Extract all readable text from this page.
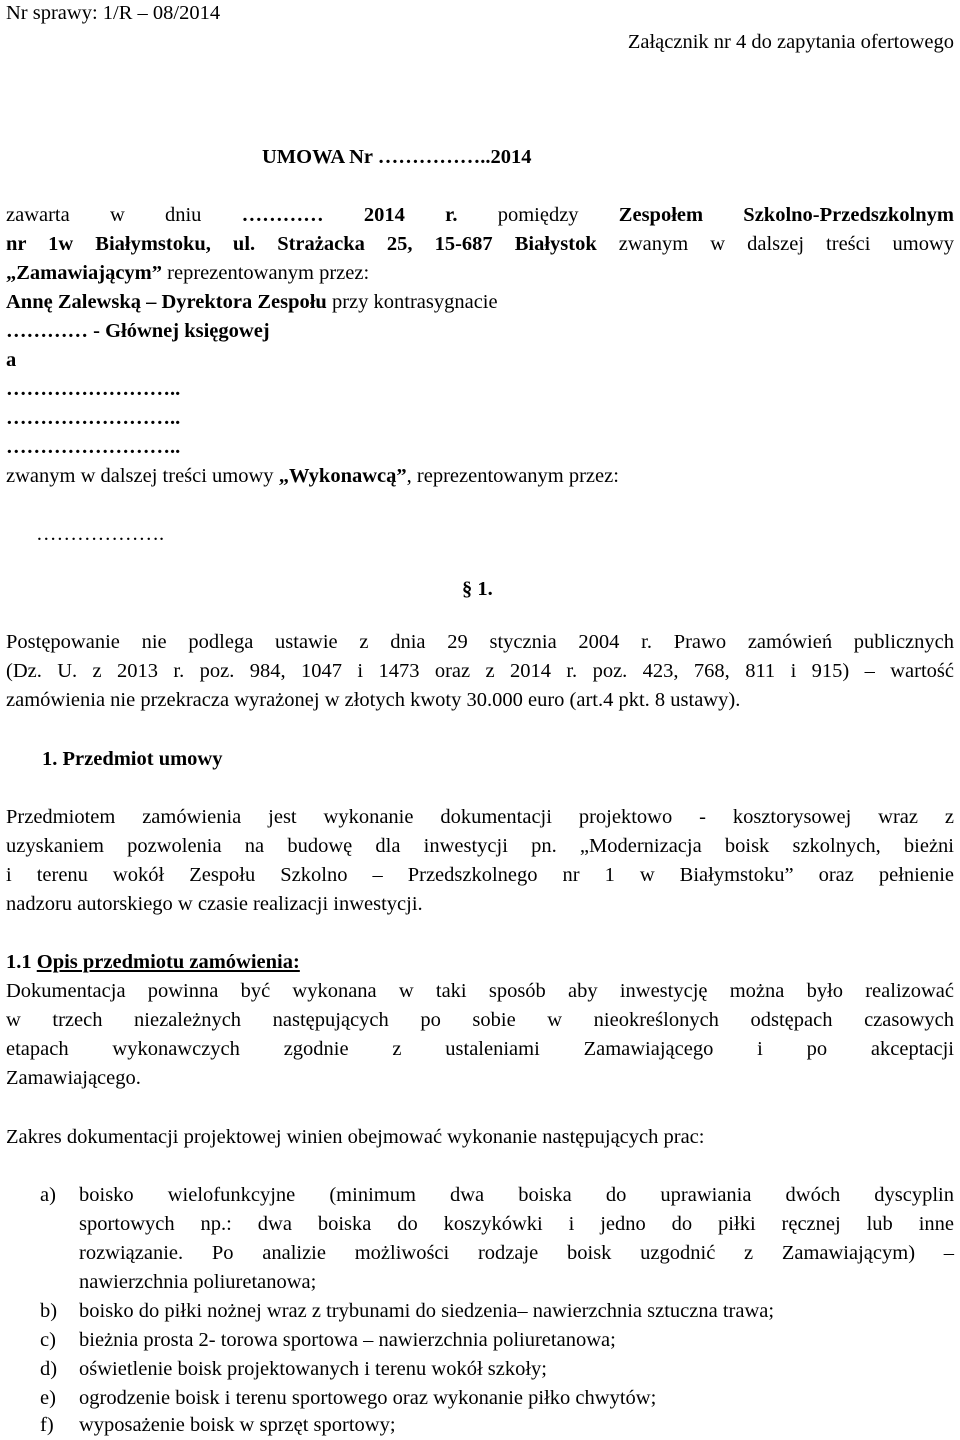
Nr sprawy: 1/R – 08/2014
Załącznik nr 4 do zapytania ofertowego
UMOWA Nr ……………..2014
zawarta w dniu ………… 2014 r. pomiędzy Zespołem Szkolno-Przedszkolnym
nr 1w Białymstoku, ul. Strażacka 25, 15-687 Białystok zwanym w dalszej treści umowy
„Zamawiającym” reprezentowanym przez:
Annę Zalewską – Dyrektora Zespołu przy kontrasygnacie
………… - Głównej księgowej
a
……………………..
……………………..
……………………..
zwanym w dalszej treści umowy „Wykonawcą”, reprezentowanym przez:
……………….
§ 1.
Postępowanie nie podlega ustawie z dnia 29 stycznia 2004 r. Prawo zamówień publicznych
(Dz. U. z 2013 r. poz. 984, 1047 i 1473 oraz z 2014 r. poz. 423, 768, 811 i 915) – wartość
zamówienia nie przekracza wyrażonej w złotych kwoty 30.000 euro (art.4 pkt. 8 ustawy).
1. Przedmiot umowy
Przedmiotem zamówienia jest wykonanie dokumentacji projektowo - kosztorysowej wraz z
uzyskaniem pozwolenia na budowę dla inwestycji pn. „Modernizacja boisk szkolnych, bieżni
i terenu wokół Zespołu Szkolno – Przedszkolnego nr 1 w Białymstoku” oraz pełnienie
nadzoru autorskiego w czasie realizacji inwestycji.
1.1 Opis przedmiotu zamówienia:
Dokumentacja powinna być wykonana w taki sposób aby inwestycję można było realizować
w trzech niezależnych następujących po sobie w nieokreślonych odstępach czasowych
etapach wykonawczych zgodnie z ustaleniami Zamawiającego i po akceptacji
Zamawiającego.
Zakres dokumentacji projektowej winien obejmować wykonanie następujących prac:
a) boisko wielofunkcyjne (minimum dwa boiska do uprawiania dwóch dyscyplin
sportowych np.: dwa boiska do koszykówki i jedno do piłki ręcznej lub inne
rozwiązanie. Po analizie możliwości rodzaje boisk uzgodnić z Zamawiającym) –
nawierzchnia poliuretanowa;
b) boisko do piłki nożnej wraz z trybunami do siedzenia– nawierzchnia sztuczna trawa;
c) bieżnia prosta 2- torowa sportowa – nawierzchnia poliuretanowa;
d) oświetlenie boisk projektowanych i terenu wokół szkoły;
e) ogrodzenie boisk i terenu sportowego oraz wykonanie piłko chwytów;
f) wyposażenie boisk w sprzęt sportowy;
